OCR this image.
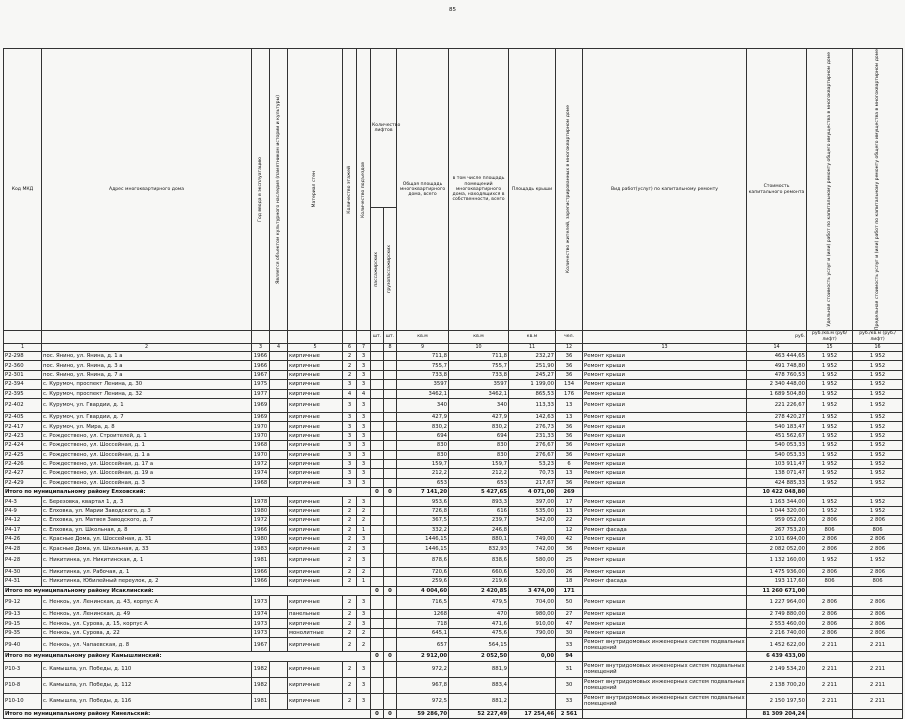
85
Код МКД	Адрес многоквартирного дома	Год ввода в эксплуатацию	Является объектом культурного наследия (памятником истории и культуры)	Материал стен	Количество этажей	Количество подъездов	Количество лифтов		Общая площадь многоквартирного дома, всего	в том числе площадь помещений многоквартирного дома, находящихся в собственности, всего	Площадь крыши	Количество жителей, зарегистрированных в многоквартирном доме	Вид работ(услуг) по капитальному ремонту	Стоимость капитального ремонта	Удельная стоимость услуг и (или) работ по капитальному ремонту общего имущества в многоквартирном доме	Предельная стоимость услуг и (или) работ по капитальному ремонту общего имущества в многоквартирном доме

							пассажирских	грузопассажирских								

							шт.	шт.	кв.м	кв.м	кв.м	чел.		руб.	руб./кв.м (руб/лифт)	руб./кв.м (руб./лифт)
1	2	3	4	5	6	7		8	9	10	11	12	13	14	15	16
Р2-298	пос. Янино, ул. Янина, д. 1 а	1966		кирпичные	2	3			711,8	711,8	232,27	36	Ремонт крыши	463 444,65	1 952	1 952
Р2-360	пос. Янино, ул. Янина, д. 3 а	1966		кирпичные	2	3			755,7	755,7	251,90	36	Ремонт крыши	491 748,80	1 952	1 952
Р2-301	пос. Янино, ул. Янина, д. 7 а	1967		кирпичные	2	3			733,8	733,8	245,27	36	Ремонт крыши	478 760,53	1 952	1 952
Р2-394	с. Курумоч, проспект Ленина, д. 30	1975		кирпичные	3	3			3597	3597	1 199,00	134	Ремонт крыши	2 340 448,00	1 952	1 952
Р2-395	с. Курумоч, проспект Ленина, д. 32	1977		кирпичные	4	4			3462,1	3462,1	865,53	176	Ремонт крыши	1 689 504,80	1 952	1 952
Р2-402	с. Курумоч, ул. Гвардии, д. 1	1969		кирпичные	3	3			340	340	113,33	13	Ремонт крыши	221 226,67	1 952	1 952
Р2-405	с. Курумоч, ул. Гвардии, д. 7	1969		кирпичные	3	3			427,9	427,9	142,63	13	Ремонт крыши	278 420,27	1 952	1 952
Р2-417	с. Курумоч, ул. Мира, д. 8	1970		кирпичные	3	3			830,2	830,2	276,73	36	Ремонт крыши	540 183,47	1 952	1 952
Р2-423	с. Рождествено, ул. Строителей, д. 1	1970		кирпичные	3	3			694	694	231,33	36	Ремонт крыши	451 562,67	1 952	1 952
Р2-424	с. Рождествено, ул. Шоссейная, д. 1	1968		кирпичные	3	3			830	830	276,67	36	Ремонт крыши	540 053,33	1 952	1 952
Р2-425	с. Рождествено, ул. Шоссейная, д. 1 а	1970		кирпичные	3	3			830	830	276,67	36	Ремонт крыши	540 053,33	1 952	1 952
Р2-426	с. Рождествено, ул. Шоссейная, д. 17 а	1972		кирпичные	3	3			159,7	159,7	53,23	6	Ремонт крыши	103 911,47	1 952	1 952
Р2-427	с. Рождествено, ул. Шоссейная, д. 19 а	1974		кирпичные	3	3			212,2	212,2	70,73	13	Ремонт крыши	138 071,47	1 952	1 952
Р2-429	с. Рождествено, ул. Шоссейная, д. 3	1968		кирпичные	3	3			653	653	217,67	36	Ремонт крыши	424 885,33	1 952	1 952
Итого по муниципальному району Елховский:							0	0	7 141,20	5 427,65	4 071,00	269		10 422 048,80		
Р4-3	с. Березовка, квартал 1, д. 3	1978		кирпичные	2	3			953,6	893,3	397,00	17	Ремонт крыши	1 163 344,00	1 952	1 952
Р4-9	с. Елховка, ул. Марии Заводского, д. 3	1980		кирпичные	2	2			726,8	616	535,00	13	Ремонт крыши	1 044 320,00	1 952	1 952
Р4-12	с. Елховка, ул. Матвея Заводского, д. 7	1972		кирпичные	2	2			367,5	239,7	342,00	22	Ремонт крыши	959 052,00	2 806	2 806
Р4-17	с. Елховка, ул. Школьная, д. 8	1966		кирпичные	2	1			332,2	246,8		12	Ремонт фасада	267 753,20	806	806
Р4-26	с. Красные Дома, ул. Шоссейная, д. 31	1980		кирпичные	2	3			1446,15	880,1	749,00	42	Ремонт крыши	2 101 694,00	2 806	2 806
Р4-28	с. Красные Дома, ул. Школьная, д. 33	1983		кирпичные	2	3			1446,15	832,93	742,00	36	Ремонт крыши	2 082 052,00	2 806	2 806
Р4-28	с. Никитинка, ул. Никитинская, д. 1	1981		кирпичные	2	3			878,6	838,6	580,00	25	Ремонт крыши	1 132 160,00	1 952	1 952
Р4-30	с. Никитинка, ул. Рабочая, д. 1	1966		кирпичные	2	2			720,6	660,6	520,00	26	Ремонт крыши	1 475 936,00	2 806	2 806
Р4-31	с. Никитинка, Юбилейный переулок, д. 2	1966		кирпичные	2	1			259,6	219,6		18	Ремонт фасада	193 117,60	806	806
Итого по муниципальному району Исаклинский:							0	0	4 004,60	2 420,85	3 474,00	171		11 260 671,00		
Р9-12	с. Ненкоь, ул. Ленинская, д. 43, корпус А	1973		кирпичные	2	3			716,5	479,5	704,00	50	Ремонт крыши	1 227 964,00	2 806	2 806
Р9-13	с. Ненкоь, ул. Ленинская, д. 49	1974		панельные	2	3			1268	470	980,00	27	Ремонт крыши	2 749 880,00	2 806	2 806
Р9-15	с. Ненкоь, ул. Сурова, д. 15, корпус А	1973		кирпичные	2	3			718	471,6	910,00	47	Ремонт крыши	2 553 460,00	2 806	2 806
Р9-35	с. Ненкоь, ул. Сурова, д. 22	1973		монолитные	2	2			645,1	475,6	790,00	30	Ремонт крыши	2 216 740,00	2 806	2 806
Р9-40	с. Ненкоь, ул. Чапаевская, д. 8	1967		кирпичные	2	2			657	564,15		33	Ремонт внутридомовых инженерных систем подвальных помещений	1 452 622,00	2 211	2 211
Итого по муниципальному району Камышлинский:							0	0	2 912,00	2 052,50	0,00	94		6 439 433,00		
Р10-3	с. Камышла, ул. Победы, д. 110	1982		кирпичные	2	3			972,2	881,9		31	Ремонт внутридомовых инженерных систем подвальных помещений	2 149 534,20	2 211	2 211
Р10-8	с. Камышла, ул. Победы, д. 112	1982		кирпичные	2	3			967,8	883,4		30	Ремонт внутридомовых инженерных систем подвальных помещений	2 138 700,20	2 211	2 211
Р10-10	с. Камышла, ул. Победы, д. 116	1981		кирпичные	2	3			972,5	881,2		33	Ремонт внутридомовых инженерных систем подвальных помещений	2 150 197,50	2 211	2 211
Итого по муниципальному району Кинельский:							0	0	59 286,70	52 227,49	17 254,46	2 561		81 309 204,24		
